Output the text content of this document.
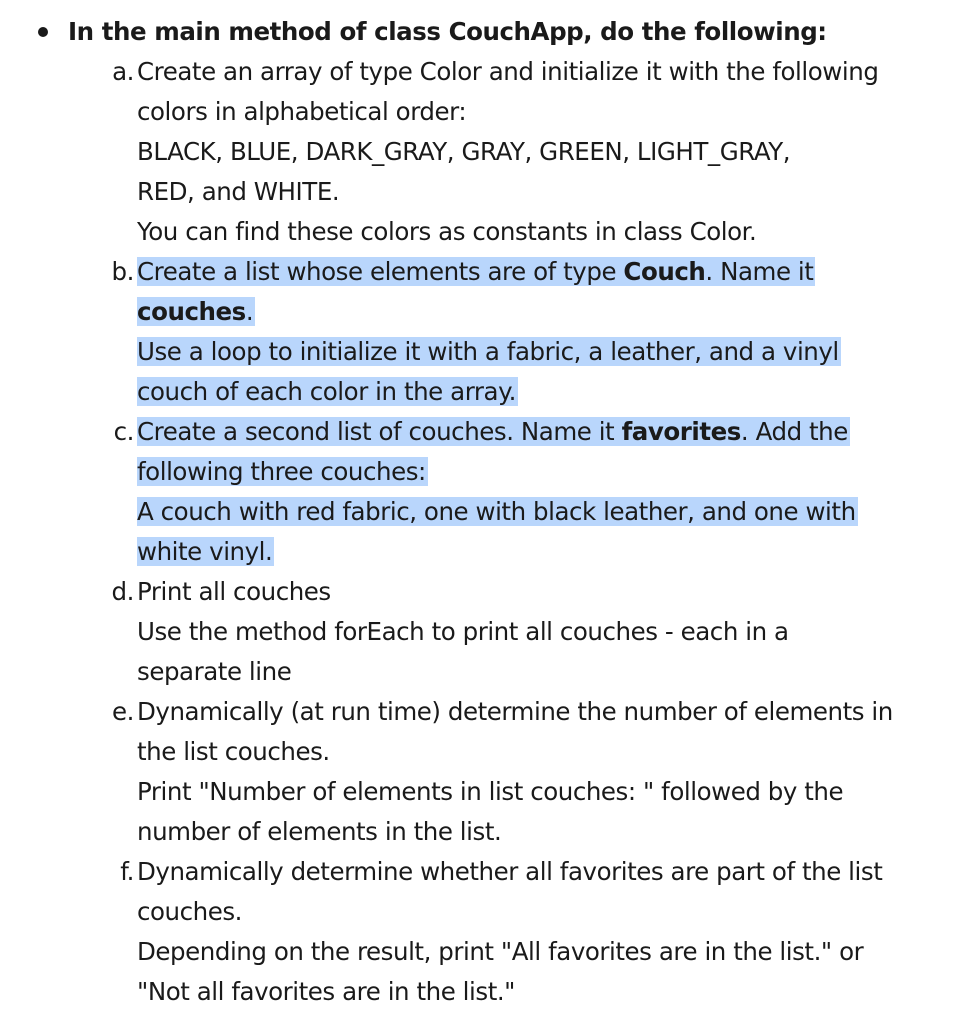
In the main method of class CouchApp, do the following:
a. Create an array of type Color and initialize it with the following
colors in alphabetical order:
BLACK, BLUE, DARK_GRAY, GRAY, GREEN, LIGHT_GRAY,
RED, and WHITE.
You can find these colors as constants in class Color.
b. Create a list whose elements are of type Couch. Name it
couches.
Use a loop to initialize it with a fabric, a leather, and a vinyl
couch of each color in the array.
c. Create a second list of couches. Name it favorites. Add the
following three couches:
A couch with red fabric, one with black leather, and one with
white vinyl.
d. Print all couches
Use the method forEach to print all couches - each in a
separate line
e. Dynamically (at run time) determine the number of elements in
the list couches.
Print "Number of elements in list couches: " followed by the
number of elements in the list.
f. Dynamically determine whether all favorites are part of the list
couches.
Depending on the result, print "All favorites are in the list." or
"Not all favorites are in the list."
